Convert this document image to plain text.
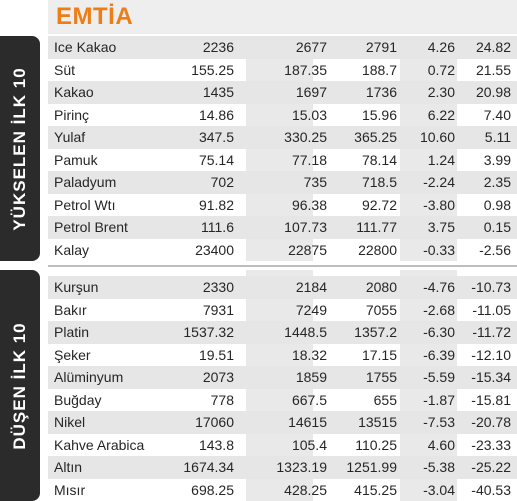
EMTİA
YÜKSELEN İLK 10
DÜŞEN İLK 10
Ice Kakao	2236	2677	2791 4.26 24.82
Süt	155.25	187.35 188.7 0.72 21.55
Kakao	1435	1697	1736 2.30 20.98
Pirinç	14.86	15.03 15.96 6.22 7.40
Yulaf	347.5	330.25 365.25 10.60 5.11
Pamuk	75.14	77.18 78.14 1.24 3.99
Paladyum	702	735 718.5 -2.24 2.35
Petrol Wtı	91.82	96.38 92.72 -3.80 0.98
Petrol Brent	111.6	107.73 111.77 3.75 0.15
Kalay	23400	22875 22800 -0.33 -2.56
Kurşun	2330	2184	2080 -4.76 -10.73
Bakır	7931	7249	7055 -2.68 -11.05
Platin	1537.32	1448.5 1357.2 -6.30 -11.72
Şeker	19.51	18.32 17.15 -6.39 -12.10
Alüminyum	2073	1859	1755 -5.59 -15.34
Buğday	778	667.5	655 -1.87 -15.81
Nikel	17060	14615 13515 -7.53 -20.78
Kahve Arabica	143.8	105.4 110.25 4.60 -23.33
Altın	1674.34	1323.19 1251.99 -5.38 -25.22
Mısır	698.25	428.25 415.25 -3.04 -40.53
